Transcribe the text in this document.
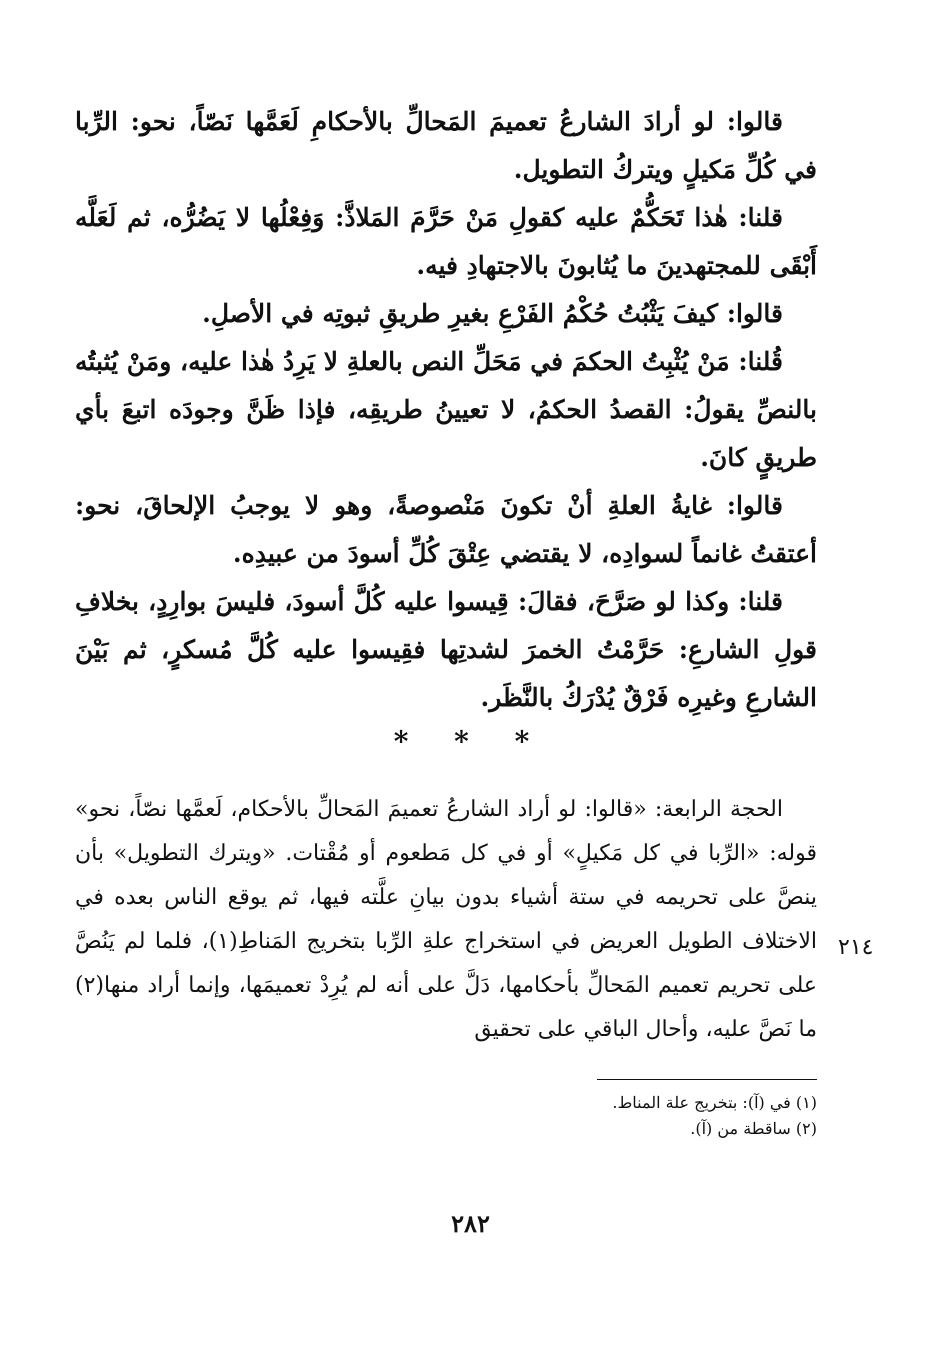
قالوا: لو أرادَ الشارعُ تعميمَ المَحالِّ بالأحكامِ لَعَمَّها نَصّاً، نحو: الرِّبا في كُلِّ مَكيلٍ ويتركُ التطويل.

قلنا: هٰذا تَحَكُّمٌ عليه كقولِ مَنْ حَرَّمَ المَلاذَّ: وَفِعْلُها لا يَضُرُّه، ثم لَعَلَّه أَبْقَى للمجتهدينَ ما يُثابونَ بالاجتهادِ فيه.

قالوا: كيفَ يَثْبُتُ حُكْمُ الفَرْعِ بغيرِ طريقِ ثبوتِه في الأصلِ.

قُلنا: مَنْ يُثْبِتُ الحكمَ في مَحَلِّ النص بالعلةِ لا يَرِدُ هٰذا عليه، ومَنْ يُثبتُه بالنصِّ يقولُ: القصدُ الحكمُ، لا تعيينُ طريقِه، فإذا ظَنَّ وجودَه اتبعَ بأي طريقٍ كانَ.

قالوا: غايةُ العلةِ أنْ تكونَ مَنْصوصةً، وهو لا يوجبُ الإلحاقَ، نحو: أعتقتُ غانماً لسوادِه، لا يقتضي عِتْقَ كُلِّ أسودَ من عبيدِه.

قلنا: وكذا لو صَرَّحَ، فقالَ: قِيسوا عليه كُلَّ أسودَ، فليسَ بوارِدٍ، بخلافِ قولِ الشارعِ: حَرَّمْتُ الخمرَ لشدتِها فقِيسوا عليه كُلَّ مُسكرٍ، ثم بَيْنَ الشارعِ وغيرِه فَرْقٌ يُدْرَكُ بالنَّظَر.

* * *

الحجة الرابعة: «قالوا: لو أراد الشارعُ تعميمَ المَحالِّ بالأحكام، لَعمَّها نصّاً، نحو» قوله: «الرِّبا في كل مَكيلٍ» أو في كل مَطعوم أو مُقْتات. «ويترك التطويل» بأن ينصَّ على تحريمه في ستة أشياء بدون بيانِ علَّته فيها، ثم يوقع الناس بعده في الاختلاف الطويل العريض في استخراج علةِ الرِّبا بتخريج المَناطِ(١)، فلما لم يَنُصَّ على تحريم تعميم المَحالِّ بأحكامها، دَلَّ على أنه لم يُرِدْ تعميمَها، وإنما أراد منها(٢) ما نَصَّ عليه، وأحال الباقي على تحقيق

٢١٤
(١) في (آ): بتخريج علة المناط.
(٢) ساقطة من (آ).
٢٨٢
